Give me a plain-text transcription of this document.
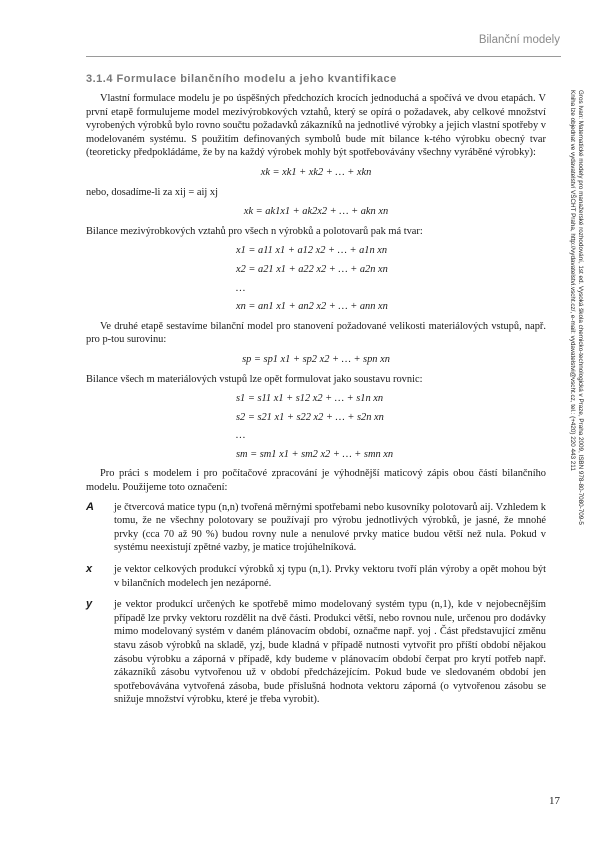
Bilanční modely
3.1.4 Formulace bilančního modelu a jeho kvantifikace

Vlastní formulace modelu je po úspěšných předchozích krocích jednoduchá a spočívá ve dvou etapách. V první etapě formulujeme model mezivýrobkových vztahů, který se opírá o požadavek, aby celkové množství vyrobených výrobků bylo rovno součtu požadavků zákazníků na jednotlivé výrobky a jejich vlastní spotřeby v modelovaném systému. S použitím definovaných symbolů bude mít bilance k-tého výrobku obecný tvar (teoreticky předpokládáme, že by na každý výrobek mohly být spotřebovávány všechny vyráběné výrobky):

xk = xk1 + xk2 + … + xkn

nebo, dosadíme-li za xij = aij xj

xk = ak1x1 + ak2x2 + … + akn xn

Bilance mezivýrobkových vztahů pro všech n výrobků a polotovarů pak má tvar:

x1 = a11 x1 + a12 x2 + … + a1n xn
x2 = a21 x1 + a22 x2 + … + a2n xn
…
xn = an1 x1 + an2 x2 + … + ann xn

Ve druhé etapě sestavíme bilanční model pro stanovení požadované velikosti materiálových vstupů, např. pro p-tou surovinu:

sp = sp1 x1 + sp2 x2 + … + spn xn

Bilance všech m materiálových vstupů lze opět formulovat jako soustavu rovnic:

s1 = s11 x1 + s12 x2 + … + s1n xn
s2 = s21 x1 + s22 x2 + … + s2n xn
…
sm = sm1 x1 + sm2 x2 + … + smn xn

Pro práci s modelem i pro počítačové zpracování je výhodnější maticový zápis obou částí bilančního modelu. Použijeme toto označení:

A	je čtvercová matice typu (n,n) tvořená měrnými spotřebami nebo kusovníky polotovarů aij. Vzhledem k tomu, že ne všechny polotovary se používají pro výrobu jednotlivých výrobků, je jasné, že mnohé prvky (cca 70 až 90 %) budou rovny nule a nenulové prvky matice budou větší než nula. Pokud v systému neexistují zpětné vazby, je matice trojúhelníková.
x	je vektor celkových produkcí výrobků xj typu (n,1). Prvky vektoru tvoří plán výroby a opět mohou být v bilančních modelech jen nezáporné.
y	je vektor produkcí určených ke spotřebě mimo modelovaný systém typu (n,1), kde v nejobecnějším případě lze prvky vektoru rozdělit na dvě části. Produkci větší, nebo rovnou nule, určenou pro dodávky mimo modelovaný systém v daném plánovacím období, označme např. yoj . Část představující změnu stavu zásob výrobků na skladě, yzj, bude kladná v případě nutnosti vytvořit pro příští období nějakou zásobu výrobku a záporná v případě, kdy budeme v plánovacím období čerpat pro krytí potřeb např. zákazníků zásobu vytvořenou už v období předcházejícím. Pokud bude ve sledovaném období jen spotřebovávána vytvořená zásoba, bude příslušná hodnota vektoru záporná (o vytvořenou zásobu se snižuje množství výrobku, které je třeba vyrobit).
Gros Ivan: Matematické modely pro manažerské rozhodování, 1st ed. Vysoká škola chemicko-technologická v Praze, Praha 2009, ISBN 978-80-7080-709-5
Kniha lze objednat ve vydavatelství VŠCHT Praha, http://vydavatelstvi.vscht.cz/, e-mail: vydavatelstvi@vscht.cz, tel.: (+420) 220 443 211
17
